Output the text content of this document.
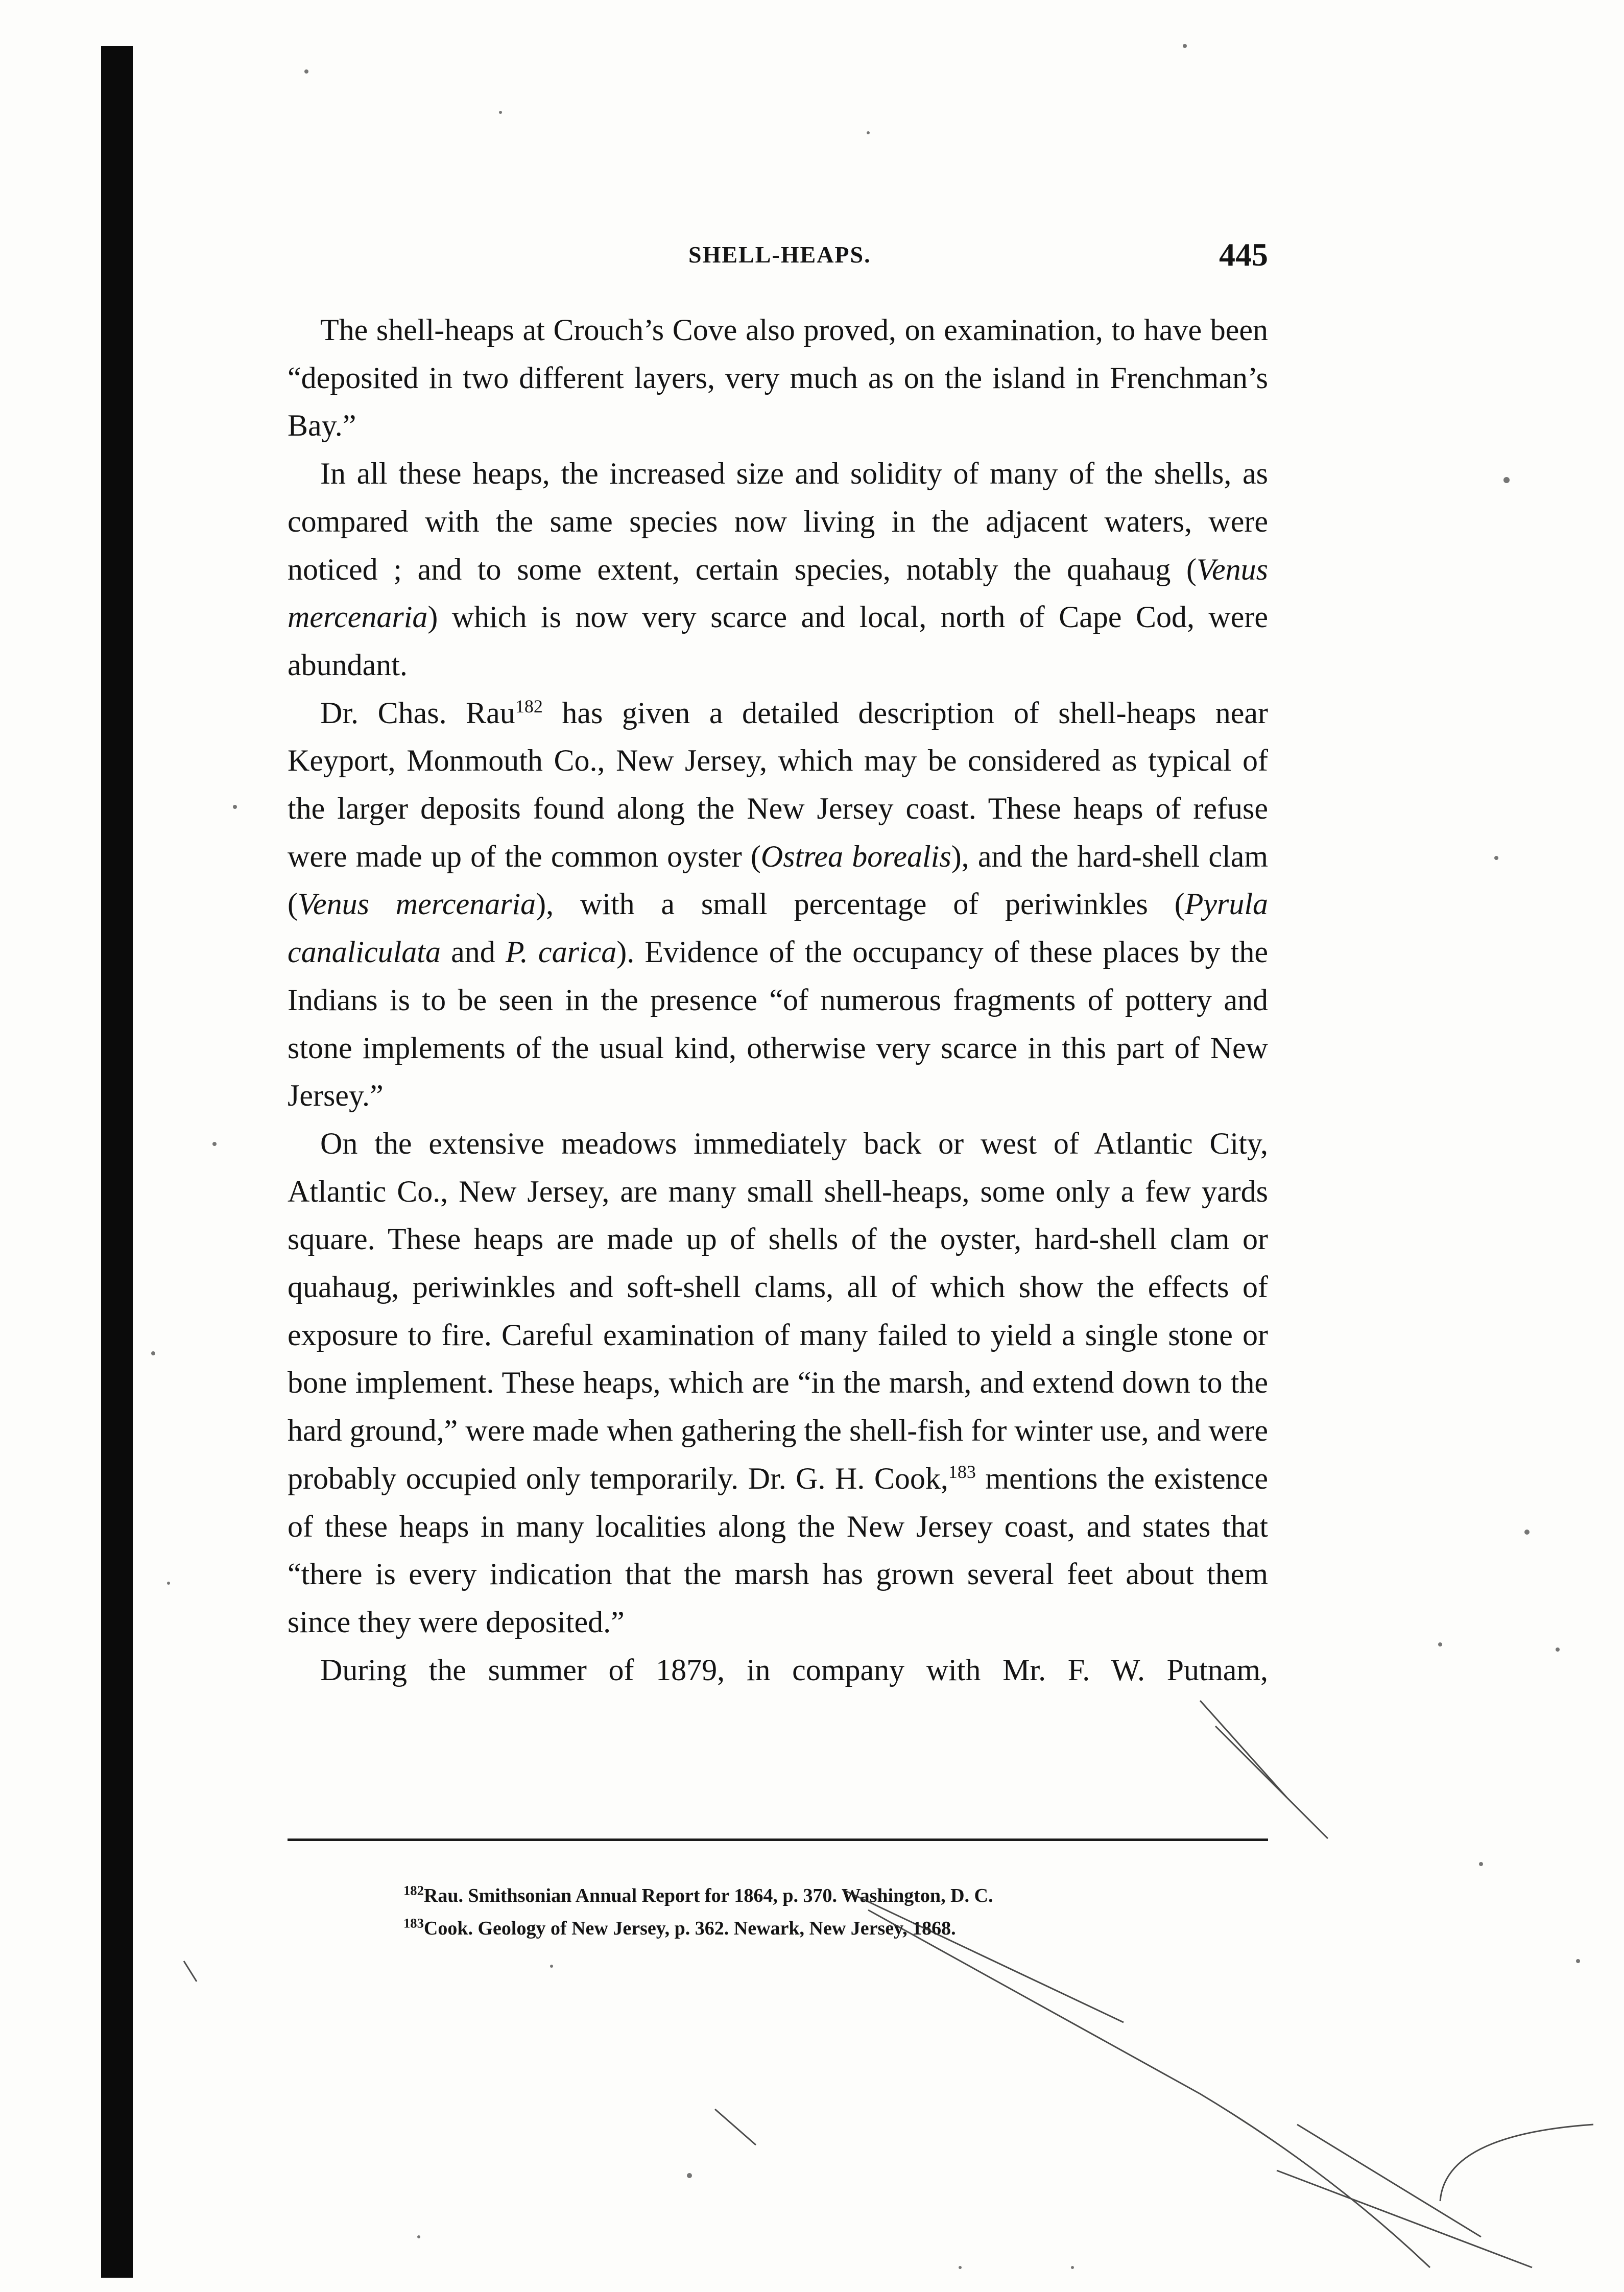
SHELL-HEAPS.	445

The shell-heaps at Crouch’s Cove also proved, on examination, to have been “deposited in two different layers, very much as on the island in Frenchman’s Bay.”

In all these heaps, the increased size and solidity of many of the shells, as compared with the same species now living in the adjacent waters, were noticed ; and to some extent, certain species, notably the quahaug (Venus mercenaria) which is now very scarce and local, north of Cape Cod, were abundant.

Dr. Chas. Rau$^{182}$ has given a detailed description of shell-heaps near Keyport, Monmouth Co., New Jersey, which may be considered as typical of the larger deposits found along the New Jersey coast. These heaps of refuse were made up of the common oyster (Ostrea borealis), and the hard-shell clam (Venus mercenaria), with a small percentage of periwinkles (Pyrula canaliculata and P. carica). Evidence of the occupancy of these places by the Indians is to be seen in the presence “of numerous fragments of pottery and stone implements of the usual kind, otherwise very scarce in this part of New Jersey.”

On the extensive meadows immediately back or west of Atlantic City, Atlantic Co., New Jersey, are many small shell-heaps, some only a few yards square. These heaps are made up of shells of the oyster, hard-shell clam or quahaug, periwinkles and soft-shell clams, all of which show the effects of exposure to fire. Careful examination of many failed to yield a single stone or bone implement. These heaps, which are “in the marsh, and extend down to the hard ground,” were made when gathering the shell-fish for winter use, and were probably occupied only temporarily. Dr. G. H. Cook,$^{183}$ mentions the existence of these heaps in many localities along the New Jersey coast, and states that “there is every indication that the marsh has grown several feet about them since they were deposited.”

During the summer of 1879, in company with Mr. F. W. Putnam,

$^{182}$Rau. Smithsonian Annual Report for 1864, p. 370. Washington, D. C.

$^{183}$Cook. Geology of New Jersey, p. 362. Newark, New Jersey, 1868.
